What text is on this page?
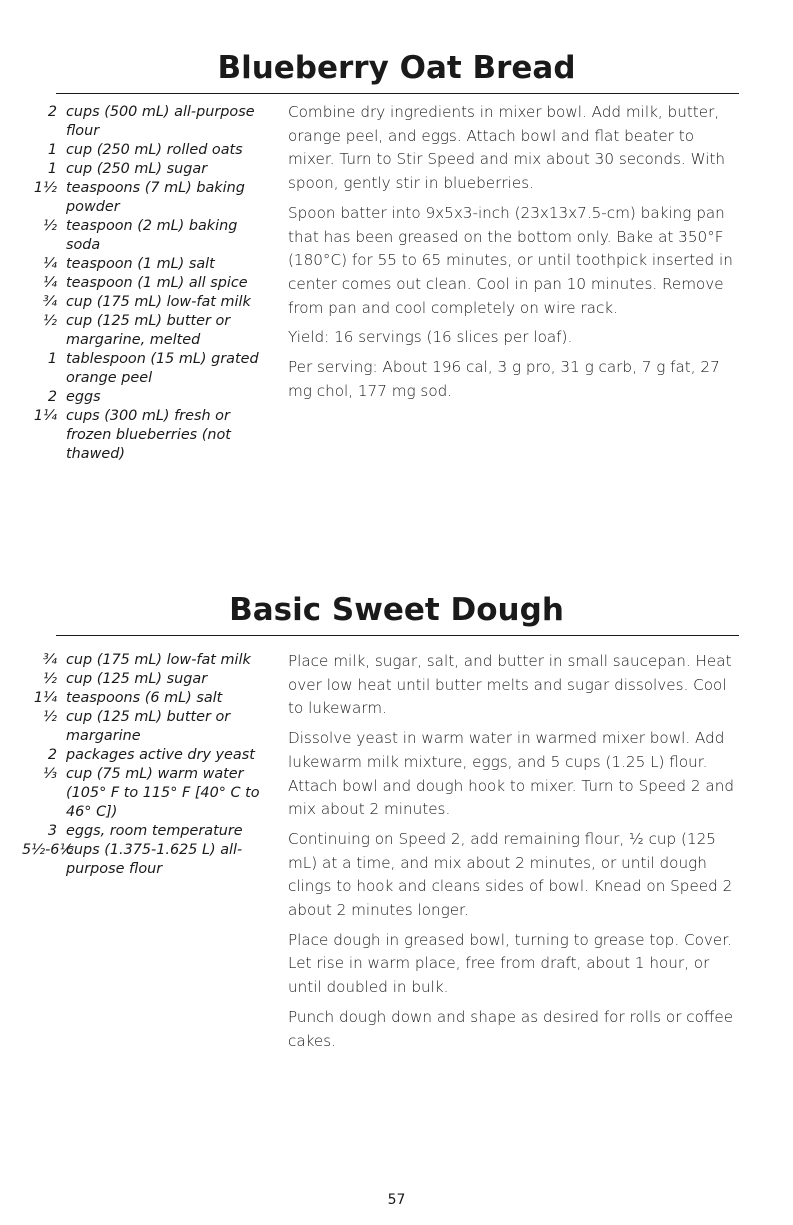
Blueberry Oat Bread
2 cups (500 mL) all-purpose flour
1 cup (250 mL) rolled oats
1 cup (250 mL) sugar
1½ teaspoons (7 mL) baking powder
½ teaspoon (2 mL) baking soda
¼ teaspoon (1 mL) salt
¼ teaspoon (1 mL) all spice
¾ cup (175 mL) low-fat milk
½ cup (125 mL) butter or margarine, melted
1 tablespoon (15 mL) grated orange peel
2 eggs
1¼ cups (300 mL) fresh or frozen blueberries (not thawed)

Combine dry ingredients in mixer bowl. Add milk, butter, orange peel, and eggs. Attach bowl and flat beater to mixer. Turn to Stir Speed and mix about 30 seconds. With spoon, gently stir in blueberries.

Spoon batter into 9x5x3-inch (23x13x7.5-cm) baking pan that has been greased on the bottom only. Bake at 350°F (180°C) for 55 to 65 minutes, or until toothpick inserted in center comes out clean. Cool in pan 10 minutes. Remove from pan and cool completely on wire rack.

Yield: 16 servings (16 slices per loaf).

Per serving: About 196 cal, 3 g pro, 31 g carb, 7 g fat, 27 mg chol, 177 mg sod.

Basic Sweet Dough
¾ cup (175 mL) low-fat milk
½ cup (125 mL) sugar
1¼ teaspoons (6 mL) salt
½ cup (125 mL) butter or margarine
2 packages active dry yeast
⅓ cup (75 mL) warm water (105° F to 115° F [40° C to 46° C])
3 eggs, room temperature
5½-6½
cups (1.375-1.625 L) all-purpose flour

Place milk, sugar, salt, and butter in small saucepan. Heat over low heat until butter melts and sugar dissolves. Cool to lukewarm.

Dissolve yeast in warm water in warmed mixer bowl. Add lukewarm milk mixture, eggs, and 5 cups (1.25 L) flour. Attach bowl and dough hook to mixer. Turn to Speed 2 and mix about 2 minutes.

Continuing on Speed 2, add remaining flour, ½ cup (125 mL) at a time, and mix about 2 minutes, or until dough clings to hook and cleans sides of bowl. Knead on Speed 2 about 2 minutes longer.

Place dough in greased bowl, turning to grease top. Cover. Let rise in warm place, free from draft, about 1 hour, or until doubled in bulk.

Punch dough down and shape as desired for rolls or coffee cakes.

57
